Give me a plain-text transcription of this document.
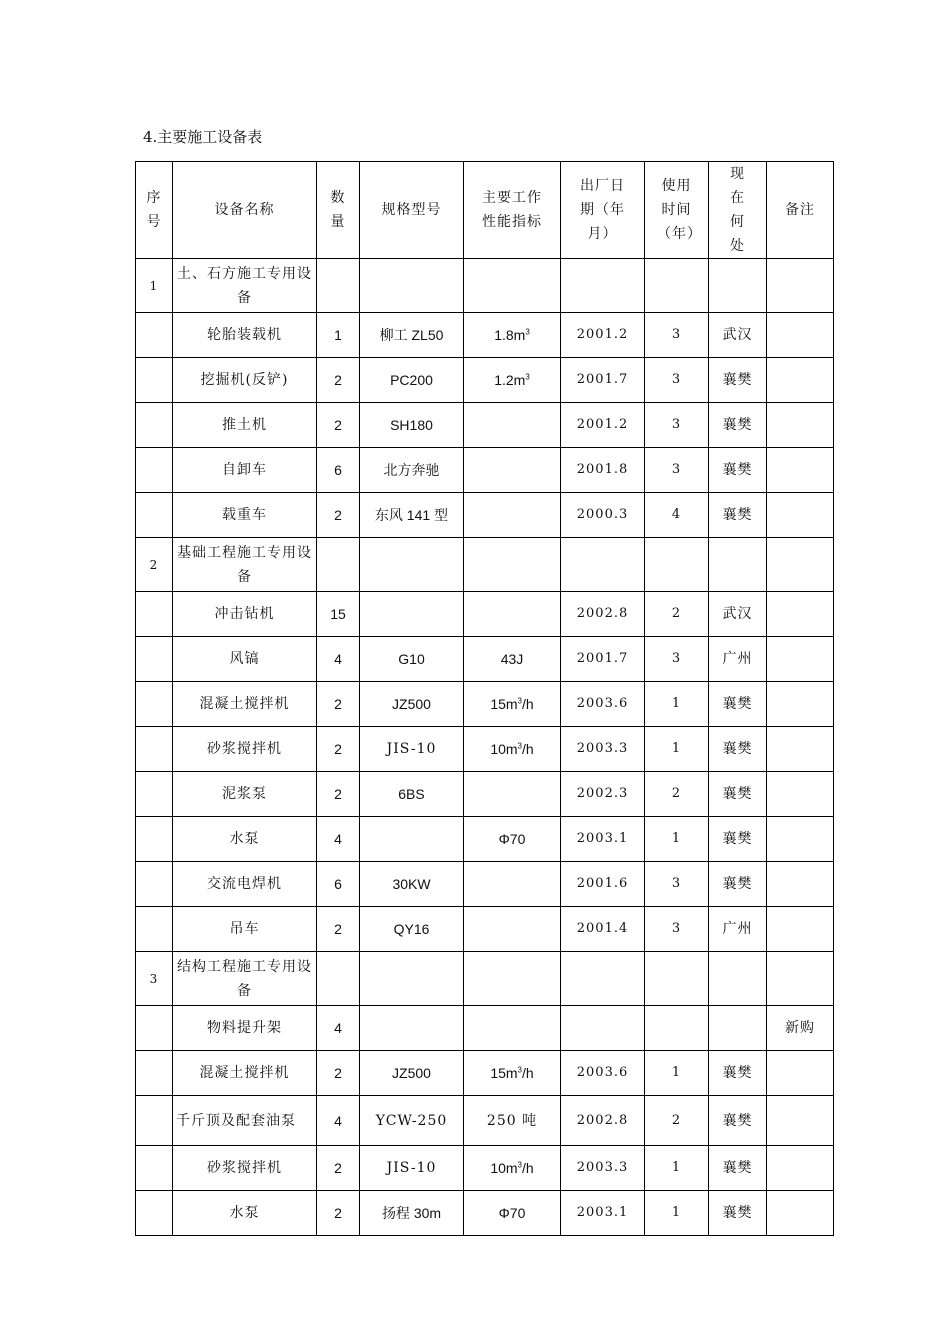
4.主要施工设备表
序号	设备名称	数量	规格型号	主要工作性能指标	出厂日期（年月）	使用时间（年）	现在何处	备注
1	土、石方施工专用设备							
	轮胎装载机	1	柳工 ZL50	$1.8m^3$	2001.2	3	武汉	
	挖掘机(反铲)	2	PC200	$1.2m^3$	2001.7	3	襄樊	
	推土机	2	SH180		2001.2	3	襄樊	
	自卸车	6	北方奔驰		2001.8	3	襄樊	
	载重车	2	东风 141 型		2000.3	4	襄樊	
2	基础工程施工专用设备							
	冲击钻机	15			2002.8	2	武汉	
	风镐	4	G10	43J	2001.7	3	广州	
	混凝土搅拌机	2	JZ500	$15m^3/h$	2003.6	1	襄樊	
	砂浆搅拌机	2	JIS-10	$10m^3/h$	2003.3	1	襄樊	
	泥浆泵	2	6BS		2002.3	2	襄樊	
	水泵	4		Φ70	2003.1	1	襄樊	
	交流电焊机	6	30KW		2001.6	3	襄樊	
	吊车	2	QY16		2001.4	3	广州	
3	结构工程施工专用设备							
	物料提升架	4						新购
	混凝土搅拌机	2	JZ500	$15m^3/h$	2003.6	1	襄樊	
	千斤顶及配套油泵	4	YCW-250	250 吨	2002.8	2	襄樊	
	砂浆搅拌机	2	JIS-10	$10m^3/h$	2003.3	1	襄樊	
	水泵	2	扬程 30m	Φ70	2003.1	1	襄樊	
